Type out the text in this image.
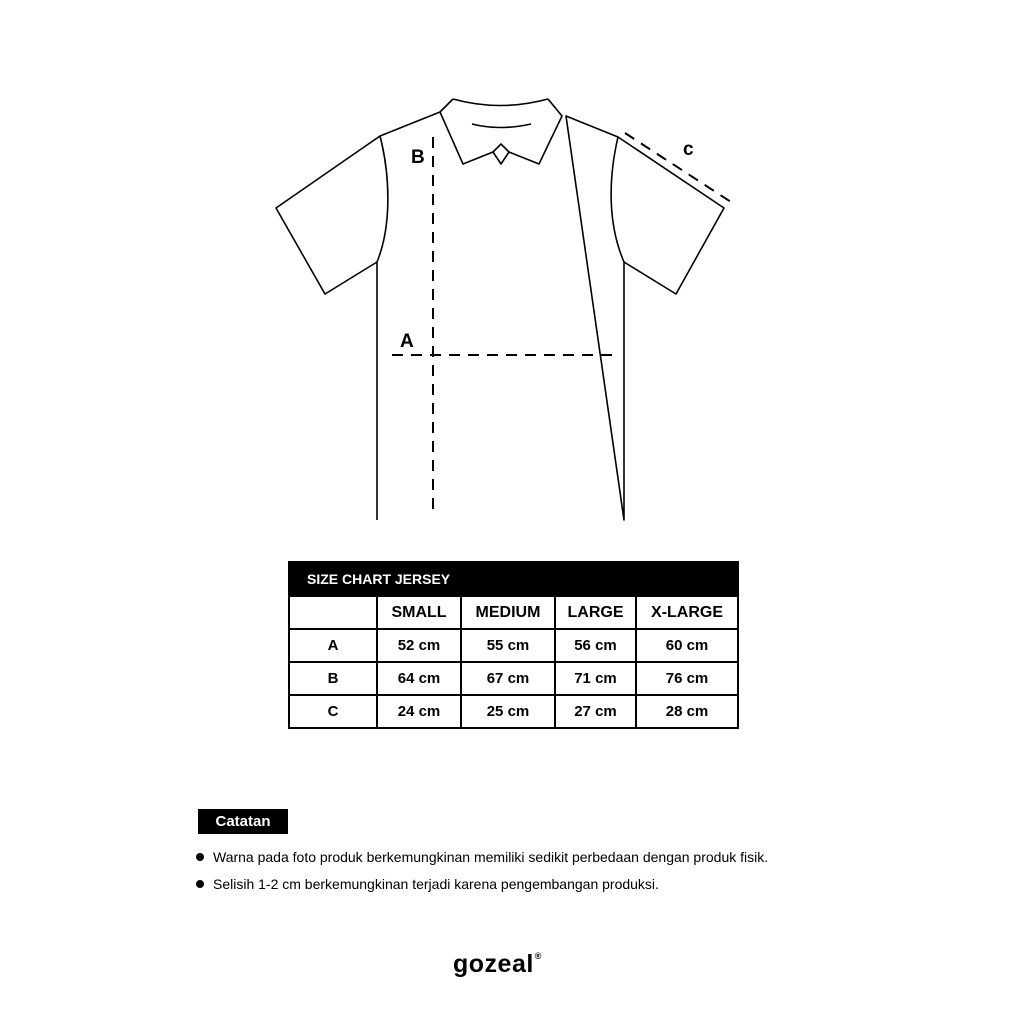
B
A
c
SIZE CHART JERSEY				
	SMALL	MEDIUM	LARGE	X-LARGE
A	52 cm	55 cm	56 cm	60 cm
B	64 cm	67 cm	71 cm	76 cm
C	24 cm	25 cm	27 cm	28 cm
Catatan
Warna pada foto produk berkemungkinan memiliki sedikit perbedaan dengan produk fisik.
Selisih 1-2 cm berkemungkinan terjadi karena pengembangan produksi.
gozeal®
